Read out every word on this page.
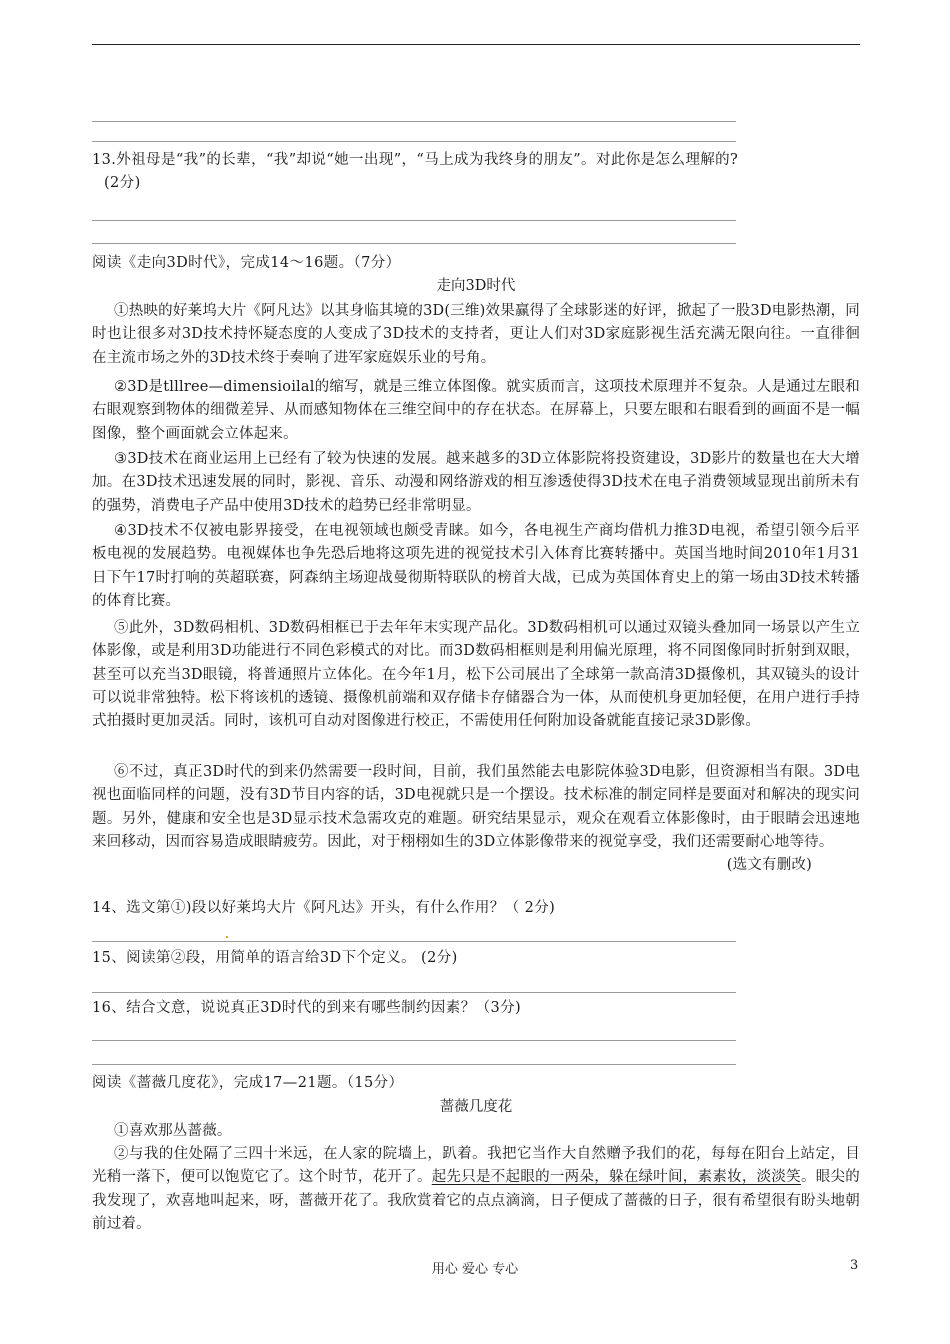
13.外祖母是“我”的长辈，“我”却说“她一出现”，“马上成为我终身的朋友”。对此你是怎么理解的?
(2分)
阅读《走向3D时代》，完成14～16题。（7分）
走向3D时代
①热映的好莱坞大片《阿凡达》以其身临其境的3D(三维)效果赢得了全球影迷的好评，掀起了一股3D电影热潮，同时也让很多对3D技术持怀疑态度的人变成了3D技术的支持者，更让人们对3D家庭影视生活充满无限向往。一直徘徊在主流市场之外的3D技术终于奏响了进军家庭娱乐业的号角。
②3D是tlllree—dimensioilal的缩写，就是三维立体图像。就实质而言，这项技术原理并不复杂。人是通过左眼和右眼观察到物体的细微差异、从而感知物体在三维空间中的存在状态。在屏幕上，只要左眼和右眼看到的画面不是一幅图像，整个画面就会立体起来。
③3D技术在商业运用上已经有了较为快速的发展。越来越多的3D立体影院将投资建设，3D影片的数量也在大大增加。在3D技术迅速发展的同时，影视、音乐、动漫和网络游戏的相互渗透使得3D技术在电子消费领域显现出前所未有的强势，消费电子产品中使用3D技术的趋势已经非常明显。
④3D技术不仅被电影界接受，在电视领域也颇受青睐。如今，各电视生产商均借机力推3D电视，希望引领今后平板电视的发展趋势。电视媒体也争先恐后地将这项先进的视觉技术引入体育比赛转播中。英国当地时间2010年1月31日下午17时打响的英超联赛，阿森纳主场迎战曼彻斯特联队的榜首大战，已成为英国体育史上的第一场由3D技术转播的体育比赛。
⑤此外，3D数码相机、3D数码相框已于去年年末实现产品化。3D数码相机可以通过双镜头叠加同一场景以产生立体影像，或是利用3D功能进行不同色彩模式的对比。而3D数码相框则是利用偏光原理，将不同图像同时折射到双眼，甚至可以充当3D眼镜，将普通照片立体化。在今年1月，松下公司展出了全球第一款高清3D摄像机，其双镜头的设计可以说非常独特。松下将该机的透镜、摄像机前端和双存储卡存储器合为一体，从而使机身更加轻便，在用户进行手持式拍摄时更加灵活。同时，该机可自动对图像进行校正，不需使用任何附加设备就能直接记录3D影像。
⑥不过，真正3D时代的到来仍然需要一段时间，目前，我们虽然能去电影院体验3D电影，但资源相当有限。3D电视也面临同样的问题，没有3D节目内容的话，3D电视就只是一个摆设。技术标准的制定同样是要面对和解决的现实问题。另外，健康和安全也是3D显示技术急需攻克的难题。研究结果显示，观众在观看立体影像时，由于眼睛会迅速地来回移动，因而容易造成眼睛疲劳。因此，对于栩栩如生的3D立体影像带来的视觉享受，我们还需要耐心地等待。
(选文有删改)
14、选文第①)段以好莱坞大片《阿凡达》开头，有什么作用？（ 2分)
15、阅读第②段，用简单的语言给3D下个定义。 (2分)
16、结合文意，说说真正3D时代的到来有哪些制约因素？（3分)
阅读《蔷薇几度花》，完成17—21题。（15分）
蔷薇几度花
①喜欢那丛蔷薇。
②与我的住处隔了三四十米远，在人家的院墙上，趴着。我把它当作大自然赠予我们的花，每每在阳台上站定，目光稍一落下，便可以饱览它了。这个时节，花开了。起先只是不起眼的一两朵，躲在绿叶间，素素妆，淡淡笑。眼尖的我发现了，欢喜地叫起来，呀，蔷薇开花了。我欣赏着它的点点滴滴，日子便成了蔷薇的日子，很有希望很有盼头地朝前过着。
用心 爱心 专心	3
